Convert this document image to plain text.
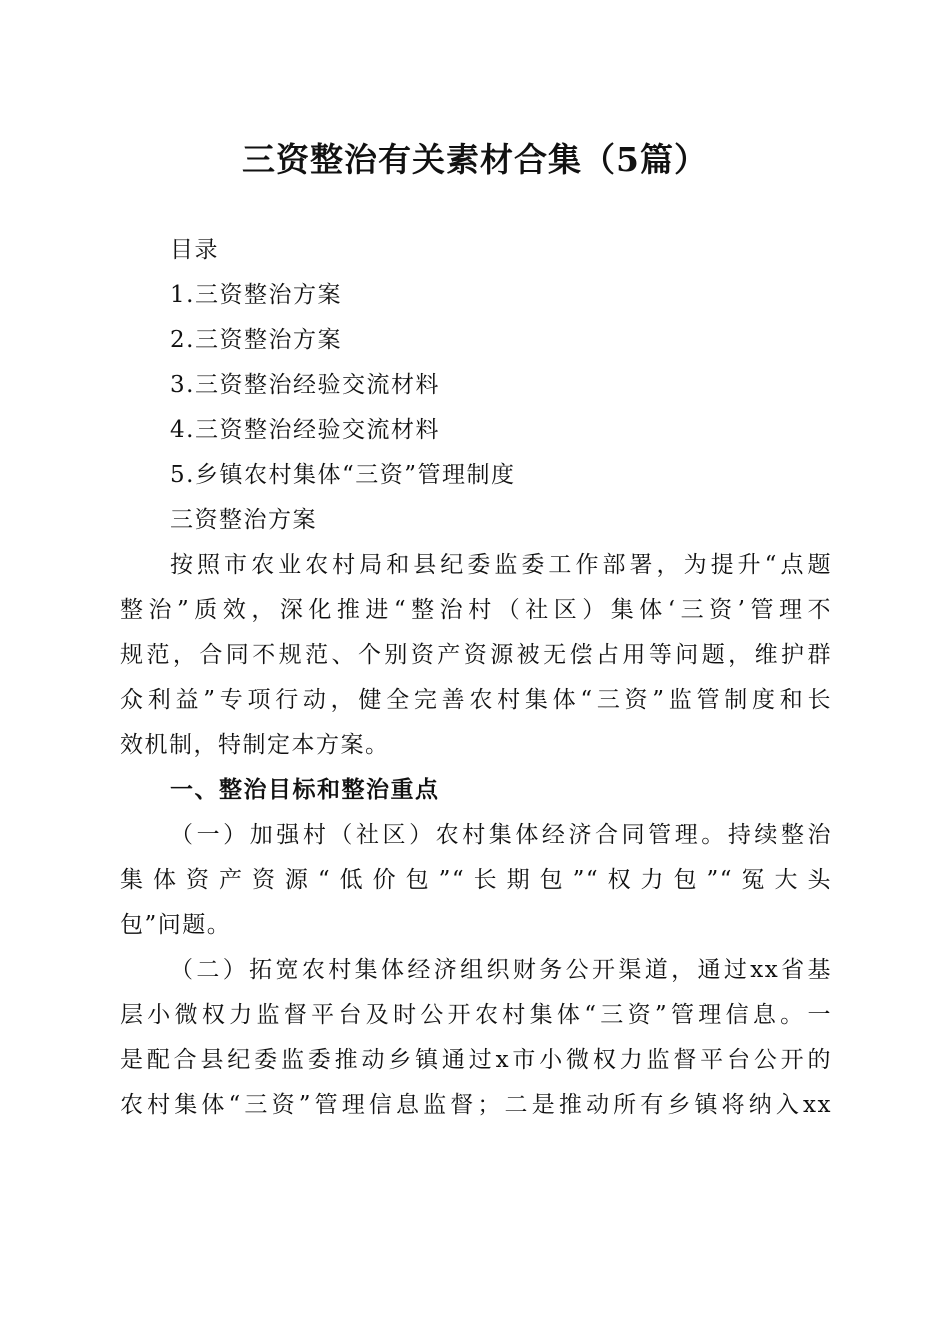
三资整治有关素材合集（5篇）
目录
1.三资整治方案
2.三资整治方案
3.三资整治经验交流材料
4.三资整治经验交流材料
5.乡镇农村集体“三资”管理制度
三资整治方案
按照市农业农村局和县纪委监委工作部署，为提升“点题
整治”质效，深化推进“整治村（社区）集体‘三资’管理不
规范，合同不规范、个别资产资源被无偿占用等问题，维护群
众利益”专项行动，健全完善农村集体“三资”监管制度和长
效机制，特制定本方案。
一、整治目标和整治重点
（一）加强村（社区）农村集体经济合同管理。持续整治
集体资产资源“低价包”“长期包”“权力包”“冤大头
包”问题。
（二）拓宽农村集体经济组织财务公开渠道，通过xx省基
层小微权力监督平台及时公开农村集体“三资”管理信息。一
是配合县纪委监委推动乡镇通过x市小微权力监督平台公开的
农村集体“三资”管理信息监督；二是推动所有乡镇将纳入xx
